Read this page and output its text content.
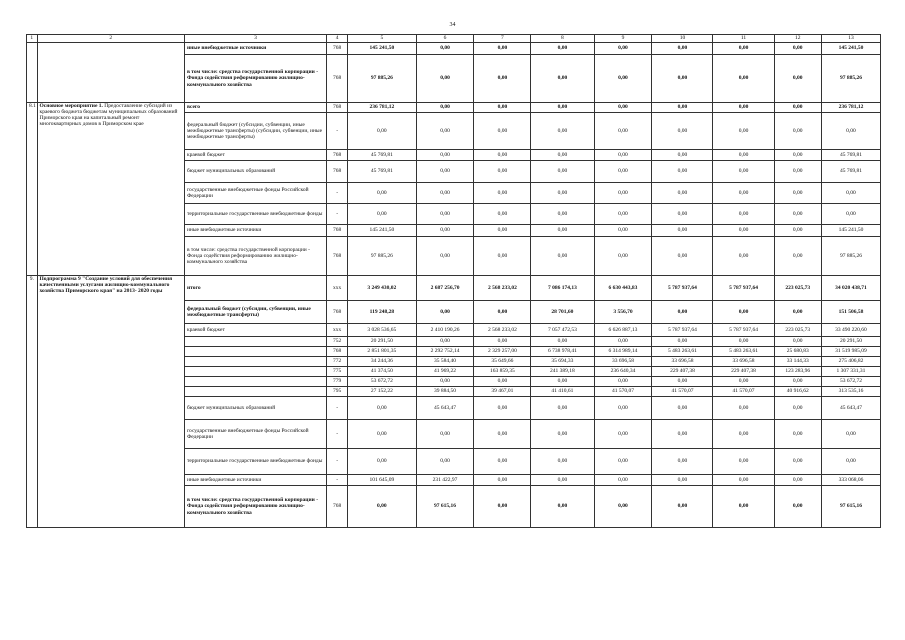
34
1	2	3	4	5	6	7	8	9	10	11	12	13
		иные внебюджетные источники	768	145 241,50	0,00	0,00	0,00	0,00	0,00	0,00	0,00	145 241,50
		в том числе: средства государственной корпорации - Фонда содействия реформированию жилищно-коммунального хозяйства	768	97 885,26	0,00	0,00	0,00	0,00	0,00	0,00	0,00	97 885,26
8.1	Основное мероприятие 1. Предоставление субсидий из краевого бюджета бюджетам муниципальных образований Приморского края на капитальный ремонт многоквартирных домов в Приморском крае	всего	768	236 781,12	0,00	0,00	0,00	0,00	0,00	0,00	0,00	236 781,12
		федеральный бюджет (субсидии, субвенции, иные межбюджетные трансферты) (субсидии, субвенции, иные межбюджетные трансферты)	-	0,00	0,00	0,00	0,00	0,00	0,00	0,00	0,00	0,00
		краевой бюджет	768	45 769,81	0,00	0,00	0,00	0,00	0,00	0,00	0,00	45 769,81
		бюджет муниципальных образований	768	45 769,81	0,00	0,00	0,00	0,00	0,00	0,00	0,00	45 769,81
		государственные внебюджетные фонды Российской Федерации	-	0,00	0,00	0,00	0,00	0,00	0,00	0,00	0,00	0,00
		территориальные государственные внебюджетные фонды	-	0,00	0,00	0,00	0,00	0,00	0,00	0,00	0,00	0,00
		иные внебюджетные источники	768	145 241,50	0,00	0,00	0,00	0,00	0,00	0,00	0,00	145 241,50
		в том числе: средства государственной корпорации - Фонда содействия реформированию жилищно-коммунального хозяйства	768	97 885,26	0,00	0,00	0,00	0,00	0,00	0,00	0,00	97 885,26
9.	Подпрограмма 9 "Создание условий для обеспечения качественными услугами жилищно-коммунального хозяйства Приморского края" на 2013- 2020 годы	итого	ххх	3 249 430,02	2 687 256,70	2 568 233,02	7 086 174,13	6 630 443,83	5 787 937,64	5 787 937,64	223 025,73	34 020 438,71
		федеральный бюджет (субсидии, субвенции, иные межбюджетные трансферты)	768	119 248,28	0,00	0,00	28 701,60	3 556,70	0,00	0,00	0,00	151 506,58
		краевой бюджет	ххх	3 028 536,65	2 410 190,26	2 568 233,02	7 057 472,53	6 626 887,13	5 787 937,64	5 787 937,64	223 025,73	33 490 220,60
			752	20 291,50	0,00	0,00	0,00	0,00	0,00	0,00	0,00	20 291,50
			768	2 851 801,35	2 292 752,14	2 329 257,00	6 738 978,41	6 314 989,14	5 483 263,61	5 483 263,61	25 680,83	31 519 985,09
			772	34 244,36	35 584,40	35 649,66	35 694,33	33 696,58	33 696,58	33 696,58	33 144,33	275 406,82
			775	41 374,50	41 969,22	163 859,35	241 389,18	236 640,34	229 407,38	229 407,38	123 283,96	1 307 331,31
			779	53 672,72	0,00	0,00	0,00	0,00	0,00	0,00	0,00	53 672,72
			795	27 152,22	39 884,50	39 467,01	41 410,61	41 570,07	41 570,07	41 570,07	40 916,62	313 535,16
		бюджет муниципальных образований	-	0,00	45 643,47	0,00	0,00	0,00	0,00	0,00	0,00	45 643,47
		государственные внебюджетные фонды Российской Федерации	-	0,00	0,00	0,00	0,00	0,00	0,00	0,00	0,00	0,00
		территориальные государственные внебюджетные фонды	-	0,00	0,00	0,00	0,00	0,00	0,00	0,00	0,00	0,00
		иные внебюджетные источники	-	101 645,09	231 422,97	0,00	0,00	0,00	0,00	0,00	0,00	333 068,06
		в том числе: средства государственной корпорации - Фонда содействия реформированию жилищно-коммунального хозяйства	768	0,00	97 615,16	0,00	0,00	0,00	0,00	0,00	0,00	97 615,16
